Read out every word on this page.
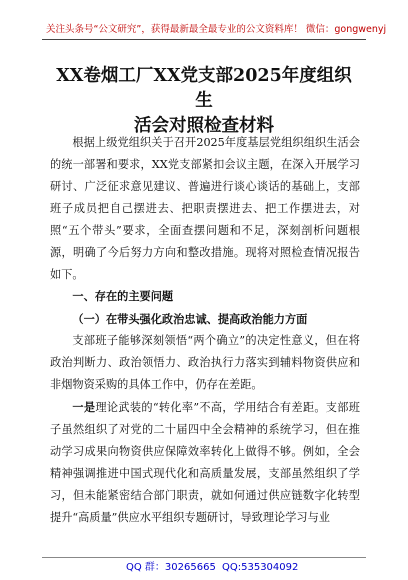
关注头条号“公文研究”，获得最新最全最专业的公文资料库！ 微信：gongwenyj
XX卷烟工厂XX党支部2025年度组织生
活会对照检查材料

根据上级党组织关于召开2025年度基层党组织组织生活会的统一部署和要求，XX党支部紧扣会议主题，在深入开展学习研讨、广泛征求意见建议、普遍进行谈心谈话的基础上，支部班子成员把自己摆进去、把职责摆进去、把工作摆进去，对照“五个带头”要求，全面查摆问题和不足，深刻剖析问题根源，明确了今后努力方向和整改措施。现将对照检查情况报告如下。

一、存在的主要问题

（一）在带头强化政治忠诚、提高政治能力方面

支部班子能够深刻领悟“两个确立”的决定性意义，但在将政治判断力、政治领悟力、政治执行力落实到辅料物资供应和非烟物资采购的具体工作中，仍存在差距。

一是理论武装的“转化率”不高，学用结合有差距。支部班子虽然组织了对党的二十届四中全会精神的系统学习，但在推动学习成果向物资供应保障效率转化上做得不够。例如，全会精神强调推进中国式现代化和高质量发展，支部虽然组织了学习，但未能紧密结合部门职责，就如何通过供应链数字化转型提升“高质量”供应水平组织专题研讨，导致理论学习与业

QQ 群：30265665 QQ:535304092
